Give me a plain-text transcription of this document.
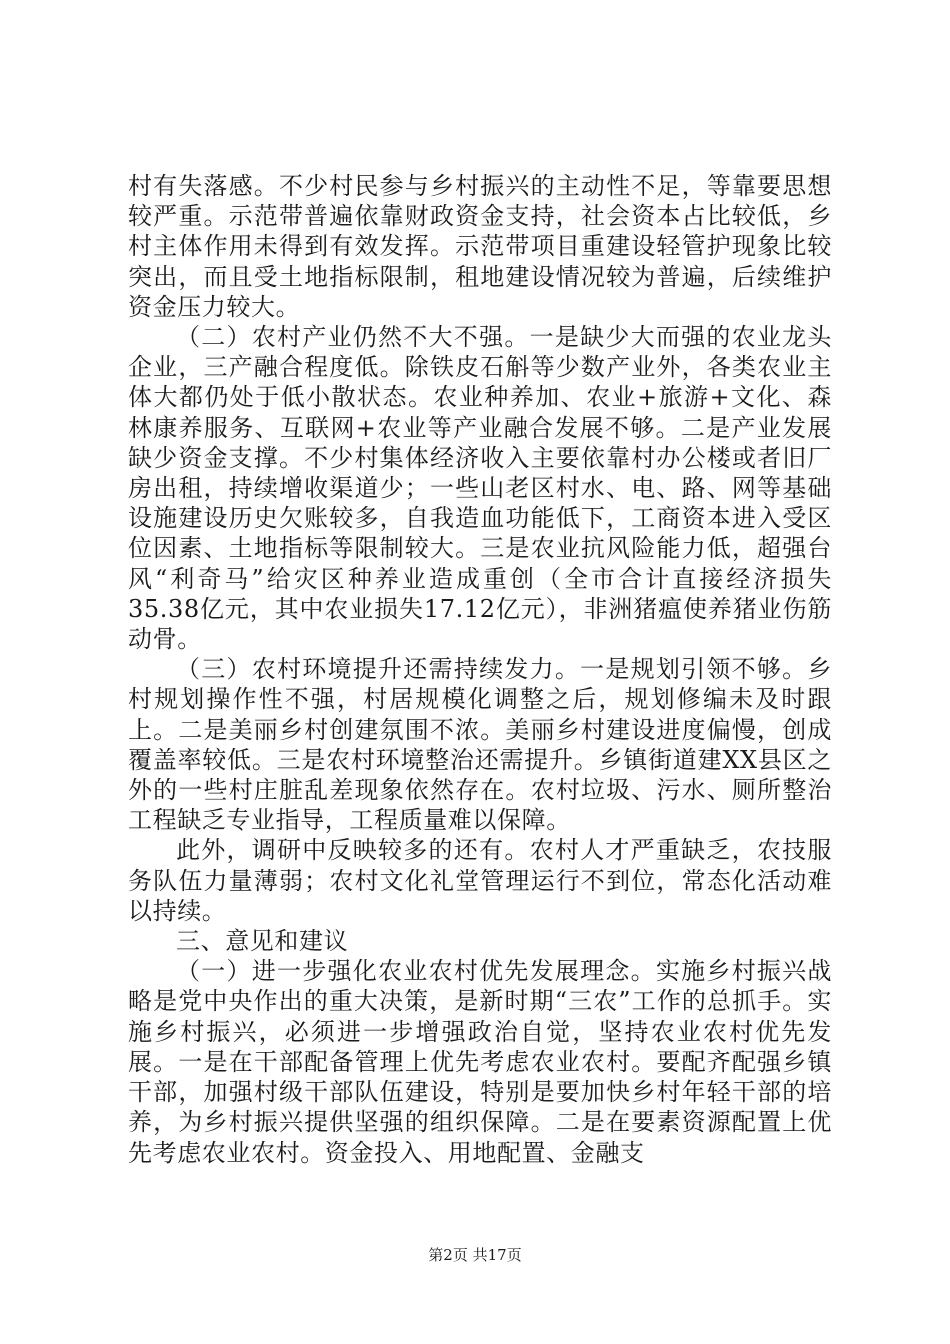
村有失落感。不少村民参与乡村振兴的主动性不足，等靠要思想较严重。示范带普遍依靠财政资金支持，社会资本占比较低，乡村主体作用未得到有效发挥。示范带项目重建设轻管护现象比较突出，而且受土地指标限制，租地建设情况较为普遍，后续维护资金压力较大。

（二）农村产业仍然不大不强。一是缺少大而强的农业龙头企业，三产融合程度低。除铁皮石斛等少数产业外，各类农业主体大都仍处于低小散状态。农业种养加、农业+旅游+文化、森林康养服务、互联网+农业等产业融合发展不够。二是产业发展缺少资金支撑。不少村集体经济收入主要依靠村办公楼或者旧厂房出租，持续增收渠道少；一些山老区村水、电、路、网等基础设施建设历史欠账较多，自我造血功能低下，工商资本进入受区位因素、土地指标等限制较大。三是农业抗风险能力低，超强台风“利奇马”给灾区种养业造成重创（全市合计直接经济损失35.38亿元，其中农业损失17.12亿元），非洲猪瘟使养猪业伤筋动骨。

（三）农村环境提升还需持续发力。一是规划引领不够。乡村规划操作性不强，村居规模化调整之后，规划修编未及时跟上。二是美丽乡村创建氛围不浓。美丽乡村建设进度偏慢，创成覆盖率较低。三是农村环境整治还需提升。乡镇街道建XX县区之外的一些村庄脏乱差现象依然存在。农村垃圾、污水、厕所整治工程缺乏专业指导，工程质量难以保障。

此外，调研中反映较多的还有。农村人才严重缺乏，农技服务队伍力量薄弱；农村文化礼堂管理运行不到位，常态化活动难以持续。

三、意见和建议

（一）进一步强化农业农村优先发展理念。实施乡村振兴战略是党中央作出的重大决策，是新时期“三农”工作的总抓手。实施乡村振兴，必须进一步增强政治自觉，坚持农业农村优先发展。一是在干部配备管理上优先考虑农业农村。要配齐配强乡镇干部，加强村级干部队伍建设，特别是要加快乡村年轻干部的培养，为乡村振兴提供坚强的组织保障。二是在要素资源配置上优先考虑农业农村。资金投入、用地配置、金融支

第2页 共17页
